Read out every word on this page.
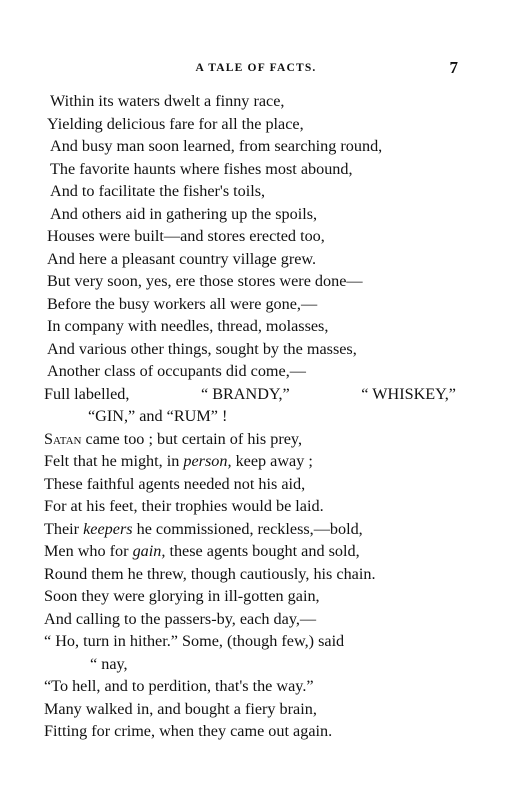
A TALE OF FACTS.	7
Within its waters dwelt a finny race,
Yielding delicious fare for all the place,
And busy man soon learned, from searching round,
The favorite haunts where fishes most abound,
And to facilitate the fisher's toils,
And others aid in gathering up the spoils,
Houses were built—and stores erected too,
And here a pleasant country village grew.
But very soon, yes, ere those stores were done—
Before the busy workers all were gone,—
In company with needles, thread, molasses,
And various other things, sought by the masses,
Another class of occupants did come,—
Full labelled,	“ BRANDY,”	“ WHISKEY,”
“GIN,” and “RUM” !
Satan came too ; but certain of his prey,
Felt that he might, in person, keep away ;
These faithful agents needed not his aid,
For at his feet, their trophies would be laid.
Their keepers he commissioned, reckless,—bold,
Men who for gain, these agents bought and sold,
Round them he threw, though cautiously, his chain.
Soon they were glorying in ill-gotten gain,
And calling to the passers-by, each day,—
“ Ho, turn in hither.” Some, (though few,) said
“ nay,
“To hell, and to perdition, that's the way.”
Many walked in, and bought a fiery brain,
Fitting for crime, when they came out again.
